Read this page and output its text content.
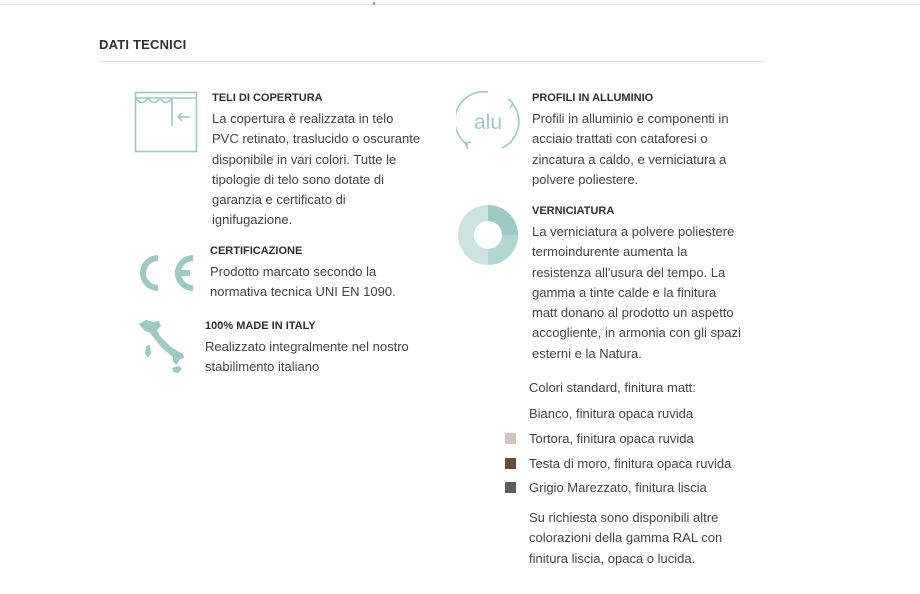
DATI TECNICI
TELI DI COPERTURA
La copertura è realizzata in telo
PVC retinato, traslucido o oscurante
disponibile in vari colori. Tutte le
tipologie di telo sono dotate di
garanzia e certificato di
ignifugazione.
CERTIFICAZIONE
Prodotto marcato secondo la
normativa tecnica UNI EN 1090.
100% MADE IN ITALY
Realizzato integralmente nel nostro
stabilimento italiano
alu
PROFILI IN ALLUMINIO
Profili in alluminio e componenti in
acciaio trattati con cataforesi o
zincatura a caldo, e verniciatura a
polvere poliestere.
VERNICIATURA
La verniciatura a polvere poliestere
termoindurente aumenta la
resistenza all'usura del tempo. La
gamma a tinte calde e la finitura
matt donano al prodotto un aspetto
accogliente, in armonia con gli spazi
esterni e la Natura.
Colori standard, finitura matt:
Bianco, finitura opaca ruvida
Tortora, finitura opaca ruvida
Testa di moro, finitura opaca ruvida
Grigio Marezzato, finitura liscia
Su richiesta sono disponibili altre
colorazioni della gamma RAL con
finitura liscia, opaca o lucida.
